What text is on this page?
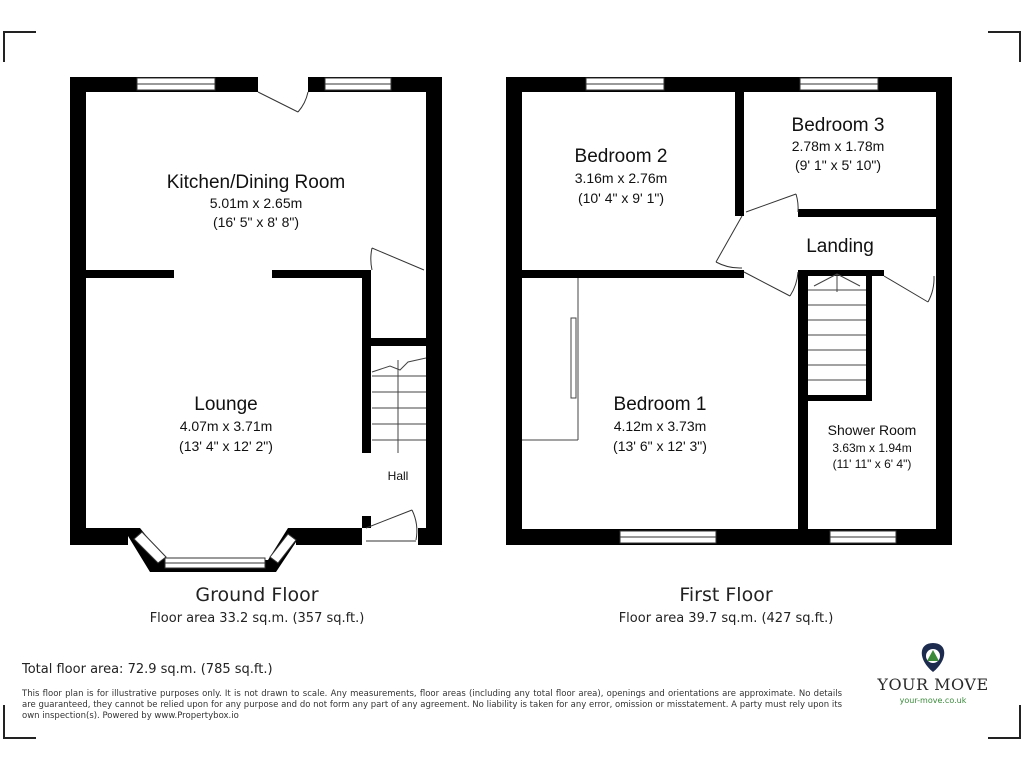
Kitchen/Dining Room
5.01m x 2.65m
(16' 5" x 8' 8")
Lounge
4.07m x 3.71m
(13' 4" x 12' 2")
Hall
Ground Floor
Floor area 33.2 sq.m. (357 sq.ft.)
Bedroom 2
3.16m x 2.76m
(10' 4" x 9' 1")
Bedroom 3
2.78m x 1.78m
(9' 1" x 5' 10")
Landing
Bedroom 1
4.12m x 3.73m
(13' 6" x 12' 3")
Shower Room
3.63m x 1.94m
(11' 11" x 6' 4")
First Floor
Floor area 39.7 sq.m. (427 sq.ft.)
YOUR MOVE
your-move.co.uk
Total floor area: 72.9 sq.m. (785 sq.ft.)
This floor plan is for illustrative purposes only. It is not drawn to scale. Any measurements, floor areas (including any total floor area), openings and orientations are approximate. No details are guaranteed, they cannot be relied upon for any purpose and do not form any part of any agreement. No liability is taken for any error, omission or misstatement. A party must rely upon its own inspection(s). Powered by www.Propertybox.io
